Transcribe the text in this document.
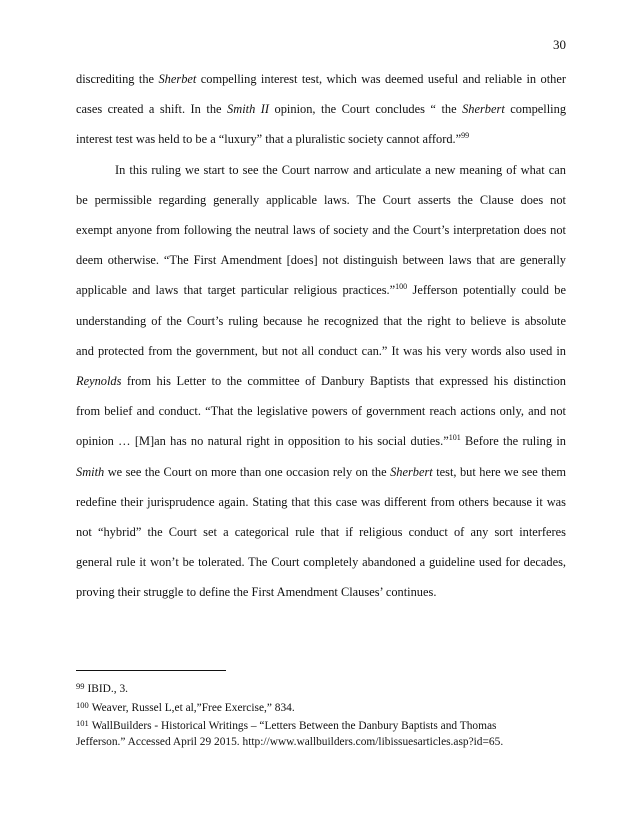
30
discrediting the Sherbet compelling interest test, which was deemed useful and reliable in other
cases created a shift. In the Smith II opinion, the Court concludes “ the Sherbert compelling
interest test was held to be a “luxury” that a pluralistic society cannot afford.”$^{99}$
In this ruling we start to see the Court narrow and articulate a new meaning of what can
be permissible regarding generally applicable laws. The Court asserts the Clause does not
exempt anyone from following the neutral laws of society and the Court’s interpretation does not
deem otherwise. “The First Amendment [does] not distinguish between laws that are generally
applicable and laws that target particular religious practices.”$^{100}$ Jefferson potentially could be
understanding of the Court’s ruling because he recognized that the right to believe is absolute
and protected from the government, but not all conduct can.” It was his very words also used in
Reynolds from his Letter to the committee of Danbury Baptists that expressed his distinction
from belief and conduct. “That the legislative powers of government reach actions only, and not
opinion … [M]an has no natural right in opposition to his social duties.”$^{101}$ Before the ruling in
Smith we see the Court on more than one occasion rely on the Sherbert test, but here we see them
redefine their jurisprudence again. Stating that this case was different from others because it was
not “hybrid” the Court set a categorical rule that if religious conduct of any sort interferes
general rule it won’t be tolerated. The Court completely abandoned a guideline used for decades,
proving their struggle to define the First Amendment Clauses’ continues.
$^{99}$ IBID., 3.
$^{100}$ Weaver, Russel L,et al,”Free Exercise,” 834.
$^{101}$ WallBuilders - Historical Writings – “Letters Between the Danbury Baptists and Thomas
Jefferson.” Accessed April 29 2015. http://www.wallbuilders.com/libissuesarticles.asp?id=65.
